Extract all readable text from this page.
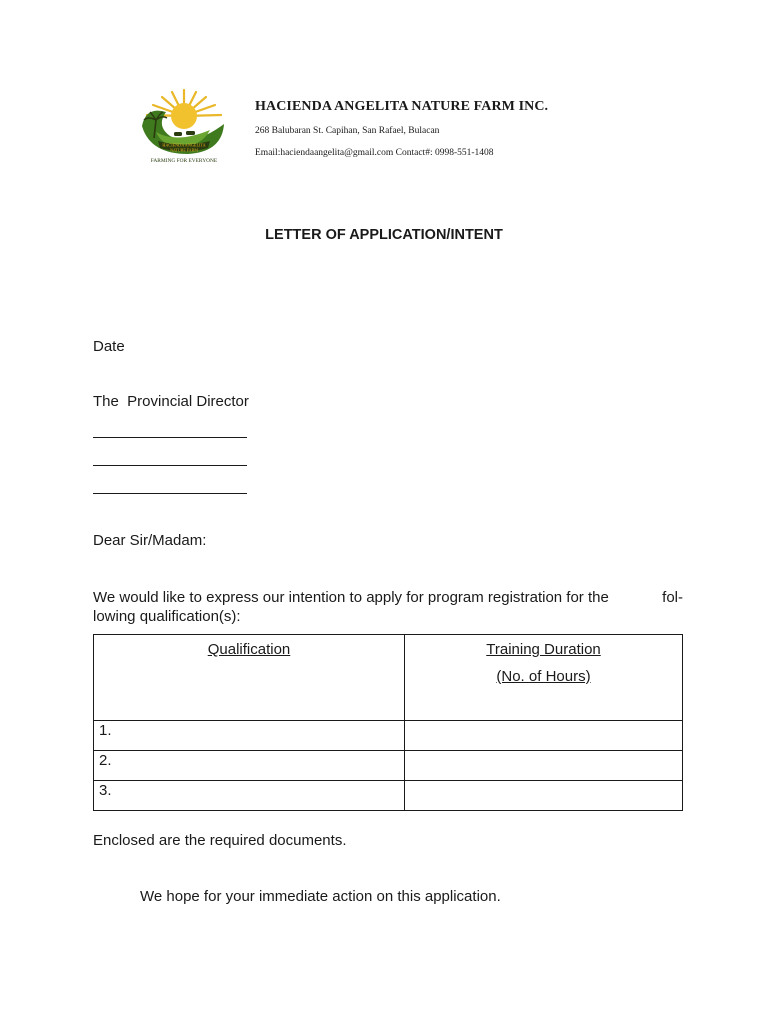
HACIENDA ANGELITA
NATURE FARM
FARMING FOR EVERYONE
HACIENDA ANGELITA NATURE FARM INC.
268 Balubaran St. Capihan, San Rafael, Bulacan
Email:haciendaangelita@gmail.com Contact#: 0998-551-1408
LETTER OF APPLICATION/INTENT
Date
The  Provincial Director
Dear Sir/Madam:
We would like to express our intention to apply for program registration for the	fol-
lowing qualification(s):
Qualification	Training Duration
(No. of Hours)

1.	
2.	
3.	
Enclosed are the required documents.
We hope for your immediate action on this application.
